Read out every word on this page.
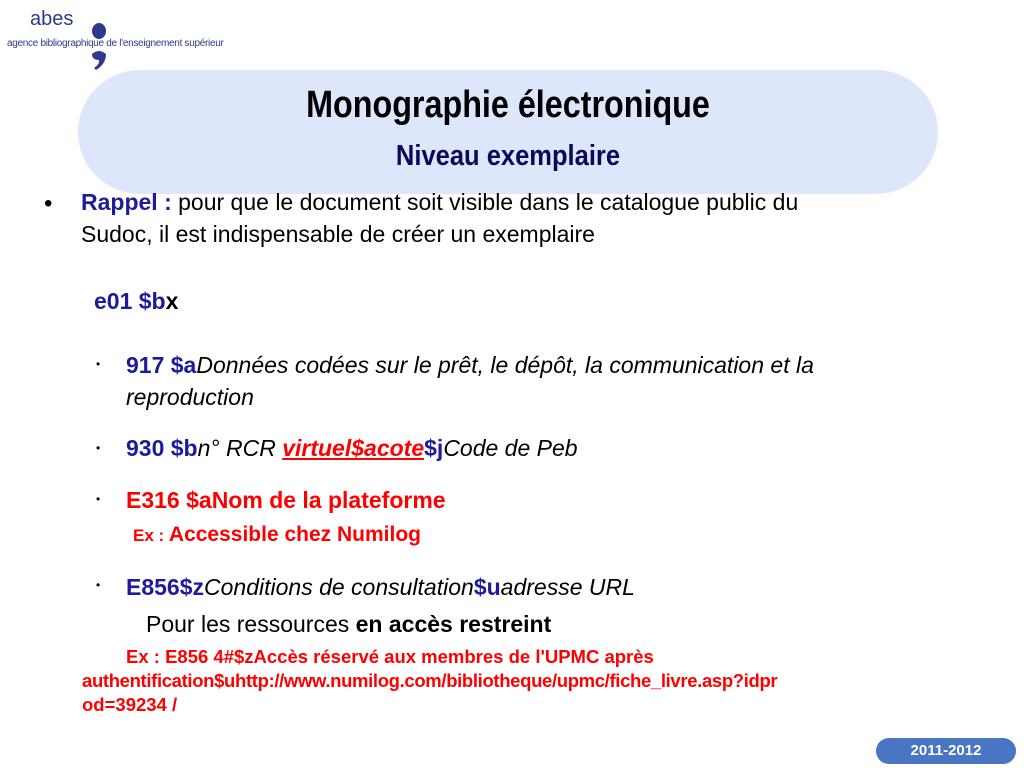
abes
agence bibliographique de l'enseignement supérieur
Monographie électronique
Niveau exemplaire
• Rappel : pour que le document soit visible dans le catalogue public du
Sudoc, il est indispensable de créer un exemplaire
e01 $bx
• 917 $aDonnées codées sur le prêt, le dépôt, la communication et la
reproduction
• 930 $bn° RCR virtuel$acote$jCode de Peb
• E316 $aNom de la plateforme
Ex : Accessible chez Numilog
• E856$zConditions de consultation$uadresse URL
Pour les ressources en accès restreint
Ex : E856 4#$zAccès réservé aux membres de l'UPMC après
authentification$uhttp://www.numilog.com/bibliotheque/upmc/fiche_livre.asp?idpr
od=39234 /
2011-2012
